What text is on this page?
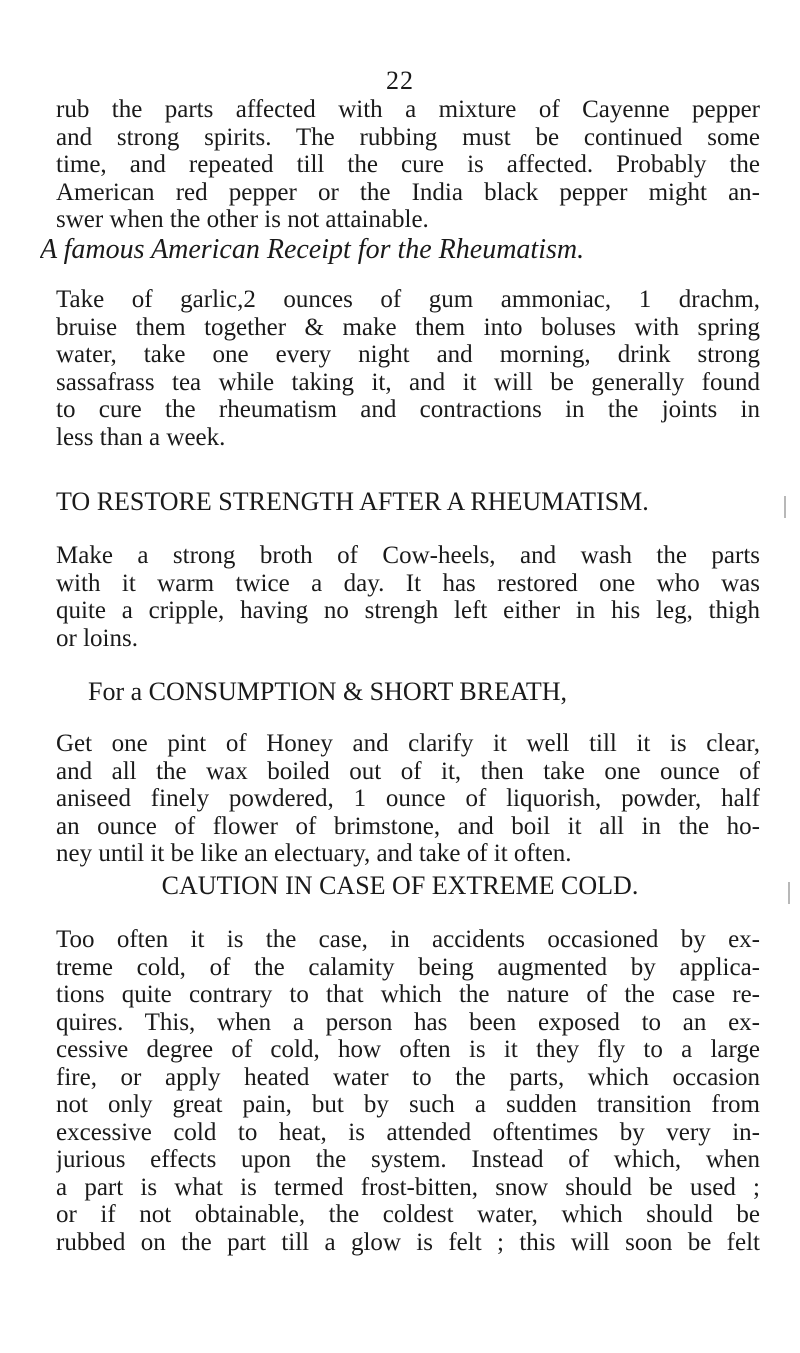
22
rub the parts affected with a mixture of Cayenne pepper
and strong spirits. The rubbing must be continued some
time, and repeated till the cure is affected. Probably the
American red pepper or the India black pepper might an-
swer when the other is not attainable.
A famous American Receipt for the Rheumatism.
Take of garlic,2 ounces of gum ammoniac, 1 drachm,
bruise them together & make them into boluses with spring
water, take one every night and morning, drink strong
sassafrass tea while taking it, and it will be generally found
to cure the rheumatism and contractions in the joints in
less than a week.
TO RESTORE STRENGTH AFTER A RHEUMATISM.
Make a strong broth of Cow-heels, and wash the parts
with it warm twice a day. It has restored one who was
quite a cripple, having no strengh left either in his leg, thigh
or loins.
For a CONSUMPTION & SHORT BREATH,
Get one pint of Honey and clarify it well till it is clear,
and all the wax boiled out of it, then take one ounce of
aniseed finely powdered, 1 ounce of liquorish, powder, half
an ounce of flower of brimstone, and boil it all in the ho-
ney until it be like an electuary, and take of it often.
CAUTION IN CASE OF EXTREME COLD.
Too often it is the case, in accidents occasioned by ex-
treme cold, of the calamity being augmented by applica-
tions quite contrary to that which the nature of the case re-
quires. This, when a person has been exposed to an ex-
cessive degree of cold, how often is it they fly to a large
fire, or apply heated water to the parts, which occasion
not only great pain, but by such a sudden transition from
excessive cold to heat, is attended oftentimes by very in-
jurious effects upon the system. Instead of which, when
a part is what is termed frost-bitten, snow should be used ;
or if not obtainable, the coldest water, which should be
rubbed on the part till a glow is felt ; this will soon be felt
